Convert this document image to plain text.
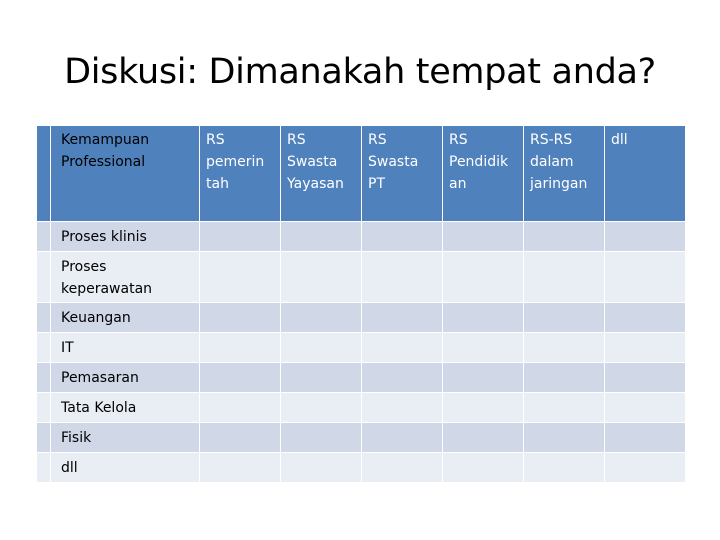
Diskusi: Dimanakah tempat anda?
	Kemampuan Professional	RS pemerin tah	RS Swasta Yayasan	RS Swasta PT	RS Pendidik an	RS-RS dalam jaringan	dll
	Proses klinis						
	Proses keperawatan						
	Keuangan						
	IT						
	Pemasaran						
	Tata Kelola						
	Fisik						
	dll						
